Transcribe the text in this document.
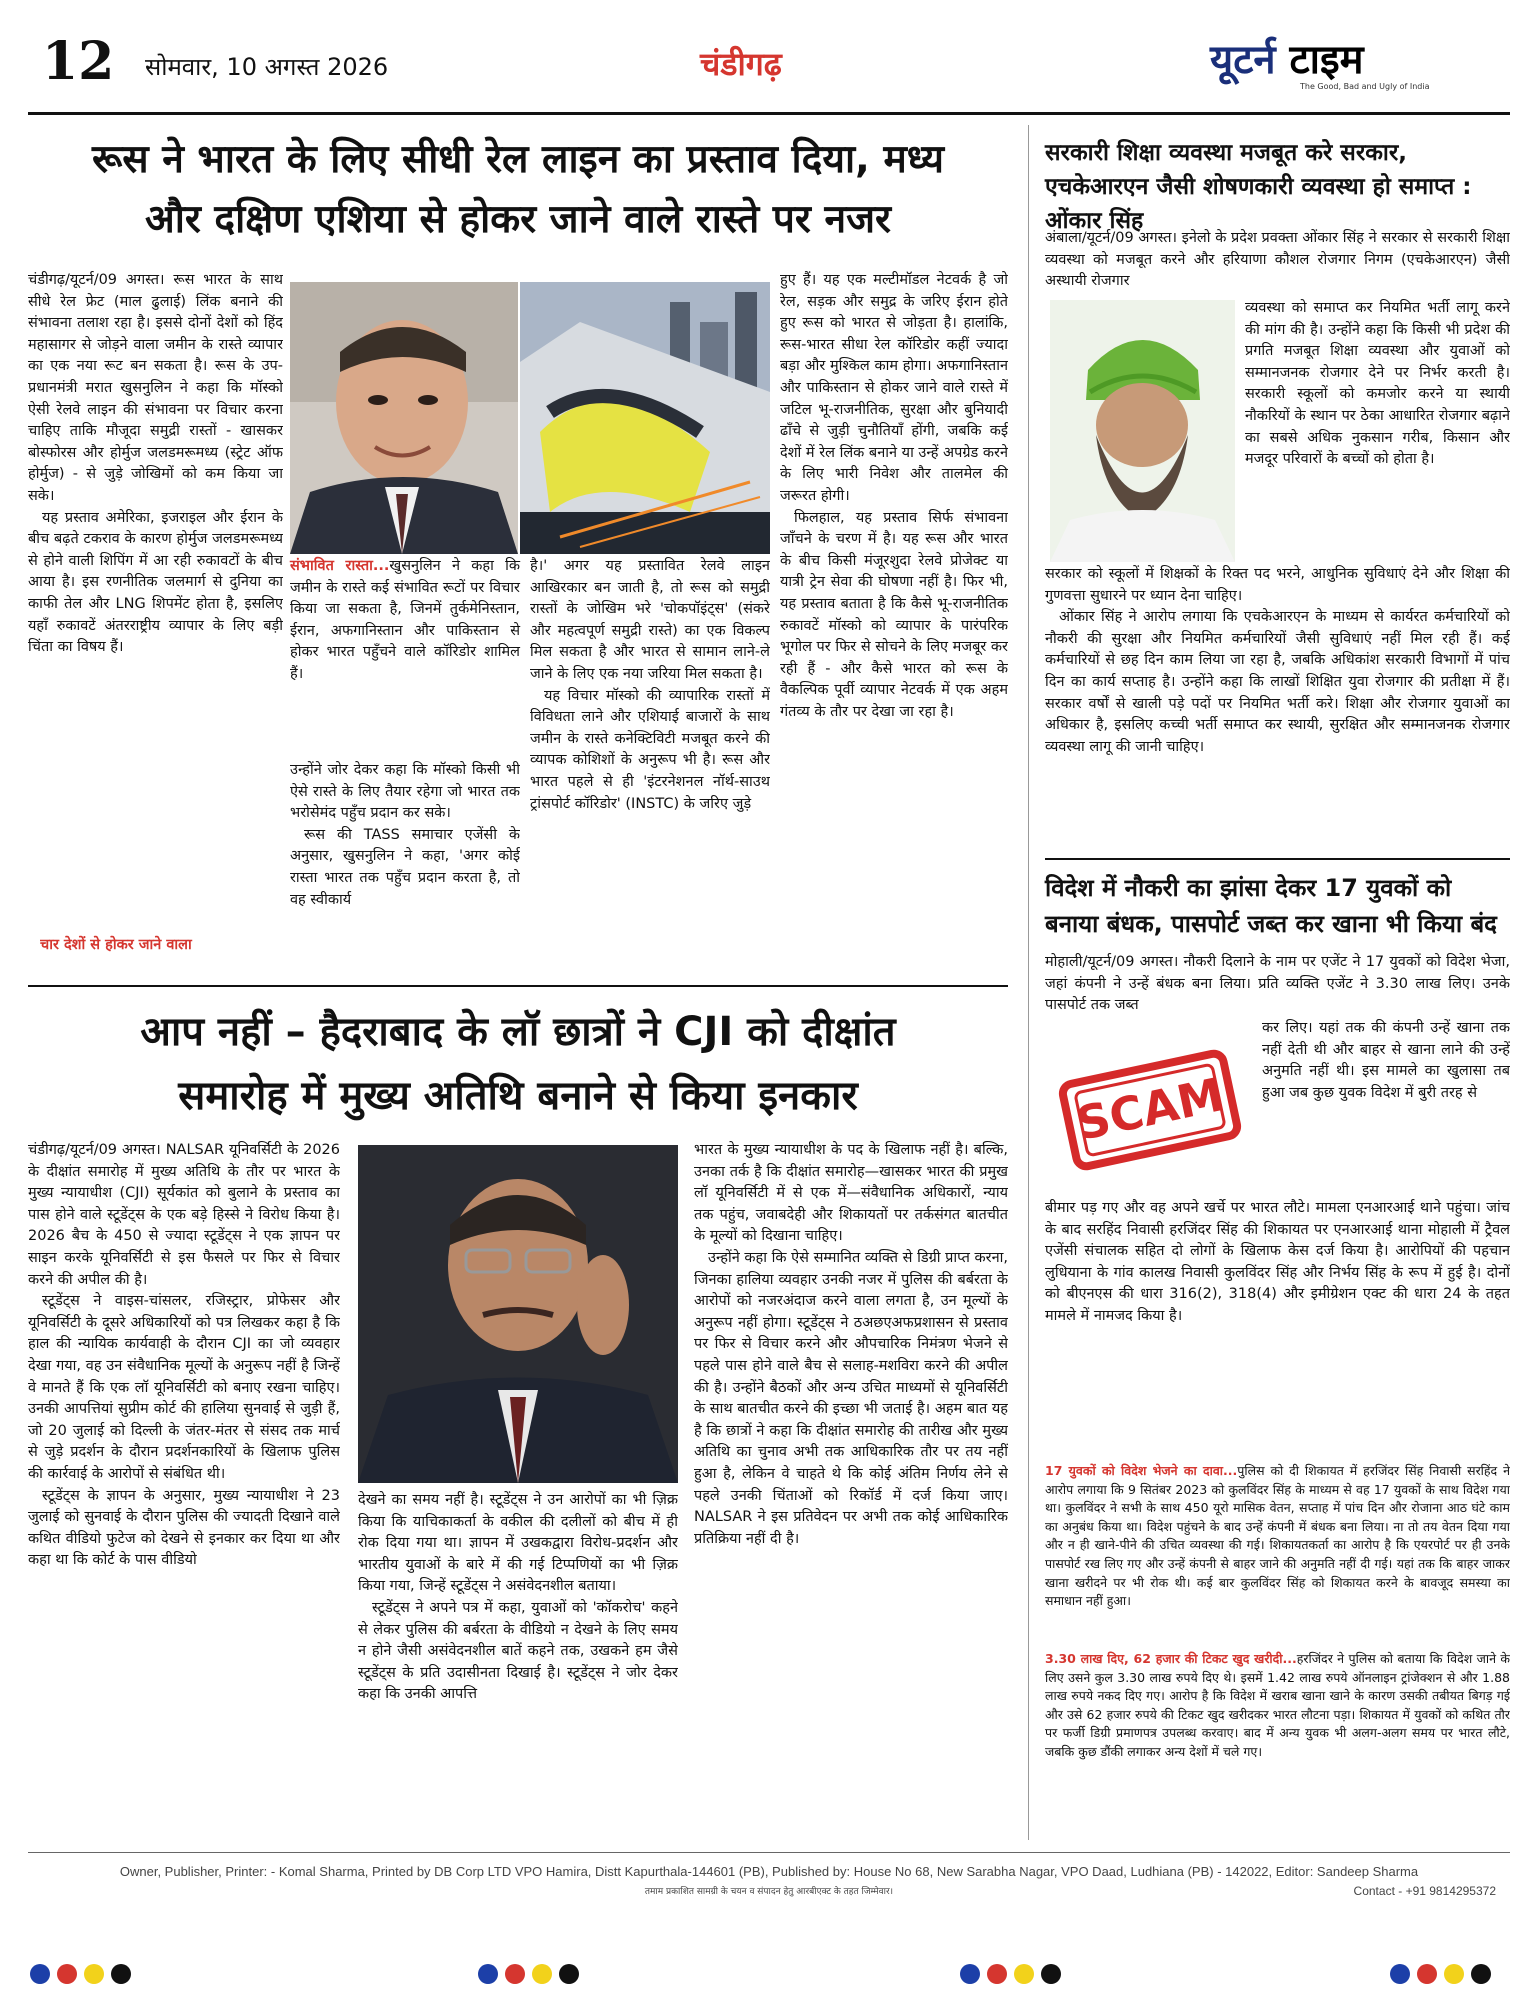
12 सोमवार, 10 अगस्त 2026	चंडीगढ़	यूटर्न टाइम
The Good, Bad and Ugly of India
रूस ने भारत के लिए सीधी रेल लाइन का प्रस्ताव दिया, मध्य
और दक्षिण एशिया से होकर जाने वाले रास्ते पर नजर

चंडीगढ़/यूटर्न/09 अगस्त। रूस भारत के साथ सीधे रेल फ्रेट (माल ढुलाई) लिंक बनाने की संभावना तलाश रहा है। इससे दोनों देशों को हिंद महासागर से जोड़ने वाला जमीन के रास्ते व्यापार का एक नया रूट बन सकता है। रूस के उप-प्रधानमंत्री मरात खुसनुलिन ने कहा कि मॉस्को ऐसी रेलवे लाइन की संभावना पर विचार करना चाहिए ताकि मौजूदा समुद्री रास्तों - खासकर बोस्फोरस और होर्मुज जलडमरूमध्य (स्ट्रेट ऑफ होर्मुज) - से जुड़े जोखिमों को कम किया जा सके।

यह प्रस्ताव अमेरिका, इजराइल और ईरान के बीच बढ़ते टकराव के कारण होर्मुज जलडमरूमध्य से होने वाली शिपिंग में आ रही रुकावटों के बीच आया है। इस रणनीतिक जलमार्ग से दुनिया का काफी तेल और LNG शिपमेंट होता है, इसलिए यहाँ रुकावटें अंतरराष्ट्रीय व्यापार के लिए बड़ी चिंता का विषय हैं।

चार देशों से होकर जाने वाला
संभावित रास्ता...खुसनुलिन ने कहा कि जमीन के रास्ते कई संभावित रूटों पर विचार किया जा सकता है, जिनमें तुर्कमेनिस्तान, ईरान, अफगानिस्तान और पाकिस्तान से होकर भारत पहुँचने वाले कॉरिडोर शामिल हैं।

उन्होंने जोर देकर कहा कि मॉस्को किसी भी ऐसे रास्ते के लिए तैयार रहेगा जो भारत तक भरोसेमंद पहुँच प्रदान कर सके।

रूस की TASS समाचार एजेंसी के अनुसार, खुसनुलिन ने कहा, 'अगर कोई रास्ता भारत तक पहुँच प्रदान करता है, तो वह स्वीकार्य

है।' अगर यह प्रस्तावित रेलवे लाइन आखिरकार बन जाती है, तो रूस को समुद्री रास्तों के जोखिम भरे 'चोकपॉइंट्स' (संकरे और महत्वपूर्ण समुद्री रास्ते) का एक विकल्प मिल सकता है और भारत से सामान लाने-ले जाने के लिए एक नया जरिया मिल सकता है।

यह विचार मॉस्को की व्यापारिक रास्तों में विविधता लाने और एशियाई बाजारों के साथ जमीन के रास्ते कनेक्टिविटी मजबूत करने की व्यापक कोशिशों के अनुरूप भी है। रूस और भारत पहले से ही 'इंटरनेशनल नॉर्थ-साउथ ट्रांसपोर्ट कॉरिडोर' (INSTC) के जरिए जुड़े

हुए हैं। यह एक मल्टीमॉडल नेटवर्क है जो रेल, सड़क और समुद्र के जरिए ईरान होते हुए रूस को भारत से जोड़ता है। हालांकि, रूस-भारत सीधा रेल कॉरिडोर कहीं ज्यादा बड़ा और मुश्किल काम होगा। अफगानिस्तान और पाकिस्तान से होकर जाने वाले रास्ते में जटिल भू-राजनीतिक, सुरक्षा और बुनियादी ढाँचे से जुड़ी चुनौतियाँ होंगी, जबकि कई देशों में रेल लिंक बनाने या उन्हें अपग्रेड करने के लिए भारी निवेश और तालमेल की जरूरत होगी।

फिलहाल, यह प्रस्ताव सिर्फ संभावना जाँचने के चरण में है। यह रूस और भारत के बीच किसी मंजूरशुदा रेलवे प्रोजेक्ट या यात्री ट्रेन सेवा की घोषणा नहीं है। फिर भी, यह प्रस्ताव बताता है कि कैसे भू-राजनीतिक रुकावटें मॉस्को को व्यापार के पारंपरिक भूगोल पर फिर से सोचने के लिए मजबूर कर रही हैं - और कैसे भारत को रूस के वैकल्पिक पूर्वी व्यापार नेटवर्क में एक अहम गंतव्य के तौर पर देखा जा रहा है।

आप नहीं – हैदराबाद के लॉ छात्रों ने CJI को दीक्षांत
समारोह में मुख्य अतिथि बनाने से किया इनकार

चंडीगढ़/यूटर्न/09 अगस्त। NALSAR यूनिवर्सिटी के 2026 के दीक्षांत समारोह में मुख्य अतिथि के तौर पर भारत के मुख्य न्यायाधीश (CJI) सूर्यकांत को बुलाने के प्रस्ताव का पास होने वाले स्टूडेंट्स के एक बड़े हिस्से ने विरोध किया है। 2026 बैच के 450 से ज्यादा स्टूडेंट्स ने एक ज्ञापन पर साइन करके यूनिवर्सिटी से इस फैसले पर फिर से विचार करने की अपील की है।

स्टूडेंट्स ने वाइस-चांसलर, रजिस्ट्रार, प्रोफेसर और यूनिवर्सिटी के दूसरे अधिकारियों को पत्र लिखकर कहा है कि हाल की न्यायिक कार्यवाही के दौरान CJI का जो व्यवहार देखा गया, वह उन संवैधानिक मूल्यों के अनुरूप नहीं है जिन्हें वे मानते हैं कि एक लॉ यूनिवर्सिटी को बनाए रखना चाहिए। उनकी आपत्तियां सुप्रीम कोर्ट की हालिया सुनवाई से जुड़ी हैं, जो 20 जुलाई को दिल्ली के जंतर-मंतर से संसद तक मार्च से जुड़े प्रदर्शन के दौरान प्रदर्शनकारियों के खिलाफ पुलिस की कार्रवाई के आरोपों से संबंधित थी।

स्टूडेंट्स के ज्ञापन के अनुसार, मुख्य न्यायाधीश ने 23 जुलाई को सुनवाई के दौरान पुलिस की ज्यादती दिखाने वाले कथित वीडियो फुटेज को देखने से इनकार कर दिया था और कहा था कि कोर्ट के पास वीडियो

देखने का समय नहीं है। स्टूडेंट्स ने उन आरोपों का भी ज़िक्र किया कि याचिकाकर्ता के वकील की दलीलों को बीच में ही रोक दिया गया था। ज्ञापन में उखकद्वारा विरोध-प्रदर्शन और भारतीय युवाओं के बारे में की गई टिप्पणियों का भी ज़िक्र किया गया, जिन्हें स्टूडेंट्स ने असंवेदनशील बताया।

स्टूडेंट्स ने अपने पत्र में कहा, युवाओं को 'कॉकरोच' कहने से लेकर पुलिस की बर्बरता के वीडियो न देखने के लिए समय न होने जैसी असंवेदनशील बातें कहने तक, उखकने हम जैसे स्टूडेंट्स के प्रति उदासीनता दिखाई है। स्टूडेंट्स ने जोर देकर कहा कि उनकी आपत्ति

भारत के मुख्य न्यायाधीश के पद के खिलाफ नहीं है। बल्कि, उनका तर्क है कि दीक्षांत समारोह—खासकर भारत की प्रमुख लॉ यूनिवर्सिटी में से एक में—संवैधानिक अधिकारों, न्याय तक पहुंच, जवाबदेही और शिकायतों पर तर्कसंगत बातचीत के मूल्यों को दिखाना चाहिए।

उन्होंने कहा कि ऐसे सम्मानित व्यक्ति से डिग्री प्राप्त करना, जिनका हालिया व्यवहार उनकी नजर में पुलिस की बर्बरता के आरोपों को नजरअंदाज करने वाला लगता है, उन मूल्यों के अनुरूप नहीं होगा। स्टूडेंट्स ने ठअछएअफप्रशासन से प्रस्ताव पर फिर से विचार करने और औपचारिक निमंत्रण भेजने से पहले पास होने वाले बैच से सलाह-मशविरा करने की अपील की है। उन्होंने बैठकों और अन्य उचित माध्यमों से यूनिवर्सिटी के साथ बातचीत करने की इच्छा भी जताई है। अहम बात यह है कि छात्रों ने कहा कि दीक्षांत समारोह की तारीख और मुख्य अतिथि का चुनाव अभी तक आधिकारिक तौर पर तय नहीं हुआ है, लेकिन वे चाहते थे कि कोई अंतिम निर्णय लेने से पहले उनकी चिंताओं को रिकॉर्ड में दर्ज किया जाए। NALSAR ने इस प्रतिवेदन पर अभी तक कोई आधिकारिक प्रतिक्रिया नहीं दी है।

सरकारी शिक्षा व्यवस्था मजबूत करे सरकार, एचकेआरएन जैसी शोषणकारी व्यवस्था हो समाप्त : ओंकार सिंह
अंबाला/यूटर्न/09 अगस्त। इनेलो के प्रदेश प्रवक्ता ओंकार सिंह ने सरकार से सरकारी शिक्षा व्यवस्था को मजबूत करने और हरियाणा कौशल रोजगार निगम (एचकेआरएन) जैसी अस्थायी रोजगार
व्यवस्था को समाप्त कर नियमित भर्ती लागू करने की मांग की है। उन्होंने कहा कि किसी भी प्रदेश की प्रगति मजबूत शिक्षा व्यवस्था और युवाओं को सम्मानजनक रोजगार देने पर निर्भर करती है। सरकारी स्कूलों को कमजोर करने या स्थायी नौकरियों के स्थान पर ठेका आधारित रोजगार बढ़ाने का सबसे अधिक नुकसान गरीब, किसान और मजदूर परिवारों के बच्चों को होता है।

सरकार को स्कूलों में शिक्षकों के रिक्त पद भरने, आधुनिक सुविधाएं देने और शिक्षा की गुणवत्ता सुधारने पर ध्यान देना चाहिए।

ओंकार सिंह ने आरोप लगाया कि एचकेआरएन के माध्यम से कार्यरत कर्मचारियों को नौकरी की सुरक्षा और नियमित कर्मचारियों जैसी सुविधाएं नहीं मिल रही हैं। कई कर्मचारियों से छह दिन काम लिया जा रहा है, जबकि अधिकांश सरकारी विभागों में पांच दिन का कार्य सप्ताह है। उन्होंने कहा कि लाखों शिक्षित युवा रोजगार की प्रतीक्षा में हैं। सरकार वर्षों से खाली पड़े पदों पर नियमित भर्ती करे। शिक्षा और रोजगार युवाओं का अधिकार है, इसलिए कच्ची भर्ती समाप्त कर स्थायी, सुरक्षित और सम्मानजनक रोजगार व्यवस्था लागू की जानी चाहिए।

विदेश में नौकरी का झांसा देकर 17 युवकों को बनाया बंधक, पासपोर्ट जब्त कर खाना भी किया बंद
मोहाली/यूटर्न/09 अगस्त। नौकरी दिलाने के नाम पर एजेंट ने 17 युवकों को विदेश भेजा, जहां कंपनी ने उन्हें बंधक बना लिया। प्रति व्यक्ति एजेंट ने 3.30 लाख लिए। उनके पासपोर्ट तक जब्त
SCAM
कर लिए। यहां तक की कंपनी उन्हें खाना तक नहीं देती थी और बाहर से खाना लाने की उन्हें अनुमति नहीं थी। इस मामले का खुलासा तब हुआ जब कुछ युवक विदेश में बुरी तरह से
बीमार पड़ गए और वह अपने खर्चे पर भारत लौटे। मामला एनआरआई थाने पहुंचा। जांच के बाद सरहिंद निवासी हरजिंदर सिंह की शिकायत पर एनआरआई थाना मोहाली में ट्रैवल एजेंसी संचालक सहित दो लोगों के खिलाफ केस दर्ज किया है। आरोपियों की पहचान लुधियाना के गांव कालख निवासी कुलविंदर सिंह और निर्भय सिंह के रूप में हुई है। दोनों को बीएनएस की धारा 316(2), 318(4) और इमीग्रेशन एक्ट की धारा 24 के तहत मामले में नामजद किया है।
17 युवकों को विदेश भेजने का दावा...पुलिस को दी शिकायत में हरजिंदर सिंह निवासी सरहिंद ने आरोप लगाया कि 9 सितंबर 2023 को कुलविंदर सिंह के माध्यम से वह 17 युवकों के साथ विदेश गया था। कुलविंदर ने सभी के साथ 450 यूरो मासिक वेतन, सप्ताह में पांच दिन और रोजाना आठ घंटे काम का अनुबंध किया था। विदेश पहुंचने के बाद उन्हें कंपनी में बंधक बना लिया। ना तो तय वेतन दिया गया और न ही खाने-पीने की उचित व्यवस्था की गई। शिकायतकर्ता का आरोप है कि एयरपोर्ट पर ही उनके पासपोर्ट रख लिए गए और उन्हें कंपनी से बाहर जाने की अनुमति नहीं दी गई। यहां तक कि बाहर जाकर खाना खरीदने पर भी रोक थी। कई बार कुलविंदर सिंह को शिकायत करने के बावजूद समस्या का समाधान नहीं हुआ।
3.30 लाख दिए, 62 हजार की टिकट खुद खरीदी...हरजिंदर ने पुलिस को बताया कि विदेश जाने के लिए उसने कुल 3.30 लाख रुपये दिए थे। इसमें 1.42 लाख रुपये ऑनलाइन ट्रांजेक्शन से और 1.88 लाख रुपये नकद दिए गए। आरोप है कि विदेश में खराब खाना खाने के कारण उसकी तबीयत बिगड़ गई और उसे 62 हजार रुपये की टिकट खुद खरीदकर भारत लौटना पड़ा। शिकायत में युवकों को कथित तौर पर फर्जी डिग्री प्रमाणपत्र उपलब्ध करवाए। बाद में अन्य युवक भी अलग-अलग समय पर भारत लौटे, जबकि कुछ डौंकी लगाकर अन्य देशों में चले गए।
Owner, Publisher, Printer: - Komal Sharma, Printed by DB Corp LTD VPO Hamira, Distt Kapurthala-144601 (PB), Published by: House No 68, New Sarabha Nagar, VPO Daad, Ludhiana (PB) - 142022, Editor: Sandeep Sharma
तमाम प्रकाशित सामग्री के चयन व संपादन हेतु आरबीएक्ट के तहत जिम्मेवार।	Contact - +91 9814295372
